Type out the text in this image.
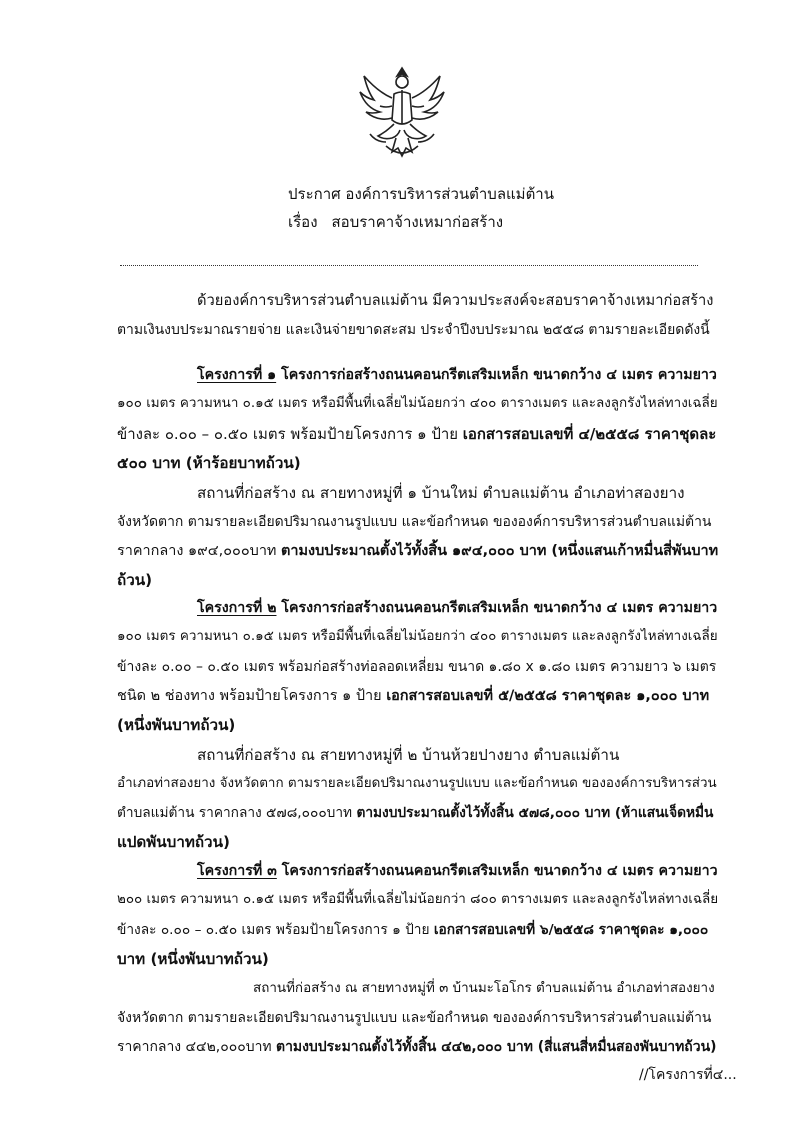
ประกาศ องค์การบริหารส่วนตำบลแม่ต้าน
เรื่อง สอบราคาจ้างเหมาก่อสร้าง
ด้วยองค์การบริหารส่วนตำบลแม่ต้าน มีความประสงค์จะสอบราคาจ้างเหมาก่อสร้าง
ตามเงินงบประมาณรายจ่าย และเงินจ่ายขาดสะสม ประจำปีงบประมาณ ๒๕๕๘ ตามรายละเอียดดังนี้
โครงการที่ ๑ โครงการก่อสร้างถนนคอนกรีตเสริมเหล็ก ขนาดกว้าง ๔ เมตร ความยาว
๑๐๐ เมตร ความหนา ๐.๑๕ เมตร หรือมีพื้นที่เฉลี่ยไม่น้อยกว่า ๔๐๐ ตารางเมตร และลงลูกรังไหล่ทางเฉลี่ย
ข้างละ ๐.๐๐ – ๐.๕๐ เมตร พร้อมป้ายโครงการ ๑ ป้าย เอกสารสอบเลขที่ ๔/๒๕๕๘ ราคาชุดละ
๕๐๐ บาท (ห้าร้อยบาทถ้วน)
สถานที่ก่อสร้าง ณ สายทางหมู่ที่ ๑ บ้านใหม่ ตำบลแม่ต้าน อำเภอท่าสองยาง
จังหวัดตาก ตามรายละเอียดปริมาณงานรูปแบบ และข้อกำหนด ขององค์การบริหารส่วนตำบลแม่ต้าน
ราคากลาง ๑๙๔,๐๐๐บาท ตามงบประมาณตั้งไว้ทั้งสิ้น ๑๙๔,๐๐๐ บาท (หนึ่งแสนเก้าหมื่นสี่พันบาท
ถ้วน)
โครงการที่ ๒ โครงการก่อสร้างถนนคอนกรีตเสริมเหล็ก ขนาดกว้าง ๔ เมตร ความยาว
๑๐๐ เมตร ความหนา ๐.๑๕ เมตร หรือมีพื้นที่เฉลี่ยไม่น้อยกว่า ๔๐๐ ตารางเมตร และลงลูกรังไหล่ทางเฉลี่ย
ข้างละ ๐.๐๐ – ๐.๕๐ เมตร พร้อมก่อสร้างท่อลอดเหลี่ยม ขนาด ๑.๘๐ x ๑.๘๐ เมตร ความยาว ๖ เมตร
ชนิด ๒ ช่องทาง พร้อมป้ายโครงการ ๑ ป้าย เอกสารสอบเลขที่ ๕/๒๕๕๘ ราคาชุดละ ๑,๐๐๐ บาท
(หนึ่งพันบาทถ้วน)
สถานที่ก่อสร้าง ณ สายทางหมู่ที่ ๒ บ้านห้วยปางยาง ตำบลแม่ต้าน
อำเภอท่าสองยาง จังหวัดตาก ตามรายละเอียดปริมาณงานรูปแบบ และข้อกำหนด ขององค์การบริหารส่วน
ตำบลแม่ต้าน ราคากลาง ๕๗๘,๐๐๐บาท ตามงบประมาณตั้งไว้ทั้งสิ้น ๕๗๘,๐๐๐ บาท (ห้าแสนเจ็ดหมื่น
แปดพันบาทถ้วน)
โครงการที่ ๓ โครงการก่อสร้างถนนคอนกรีตเสริมเหล็ก ขนาดกว้าง ๔ เมตร ความยาว
๒๐๐ เมตร ความหนา ๐.๑๕ เมตร หรือมีพื้นที่เฉลี่ยไม่น้อยกว่า ๘๐๐ ตารางเมตร และลงลูกรังไหล่ทางเฉลี่ย
ข้างละ ๐.๐๐ – ๐.๕๐ เมตร พร้อมป้ายโครงการ ๑ ป้าย เอกสารสอบเลขที่ ๖/๒๕๕๘ ราคาชุดละ ๑,๐๐๐
บาท (หนึ่งพันบาทถ้วน)
สถานที่ก่อสร้าง ณ สายทางหมู่ที่ ๓ บ้านมะโอโกร ตำบลแม่ต้าน อำเภอท่าสองยาง
จังหวัดตาก ตามรายละเอียดปริมาณงานรูปแบบ และข้อกำหนด ขององค์การบริหารส่วนตำบลแม่ต้าน
ราคากลาง ๔๔๒,๐๐๐บาท ตามงบประมาณตั้งไว้ทั้งสิ้น ๔๔๒,๐๐๐ บาท (สี่แสนสี่หมื่นสองพันบาทถ้วน)
//โครงการที่๔...
